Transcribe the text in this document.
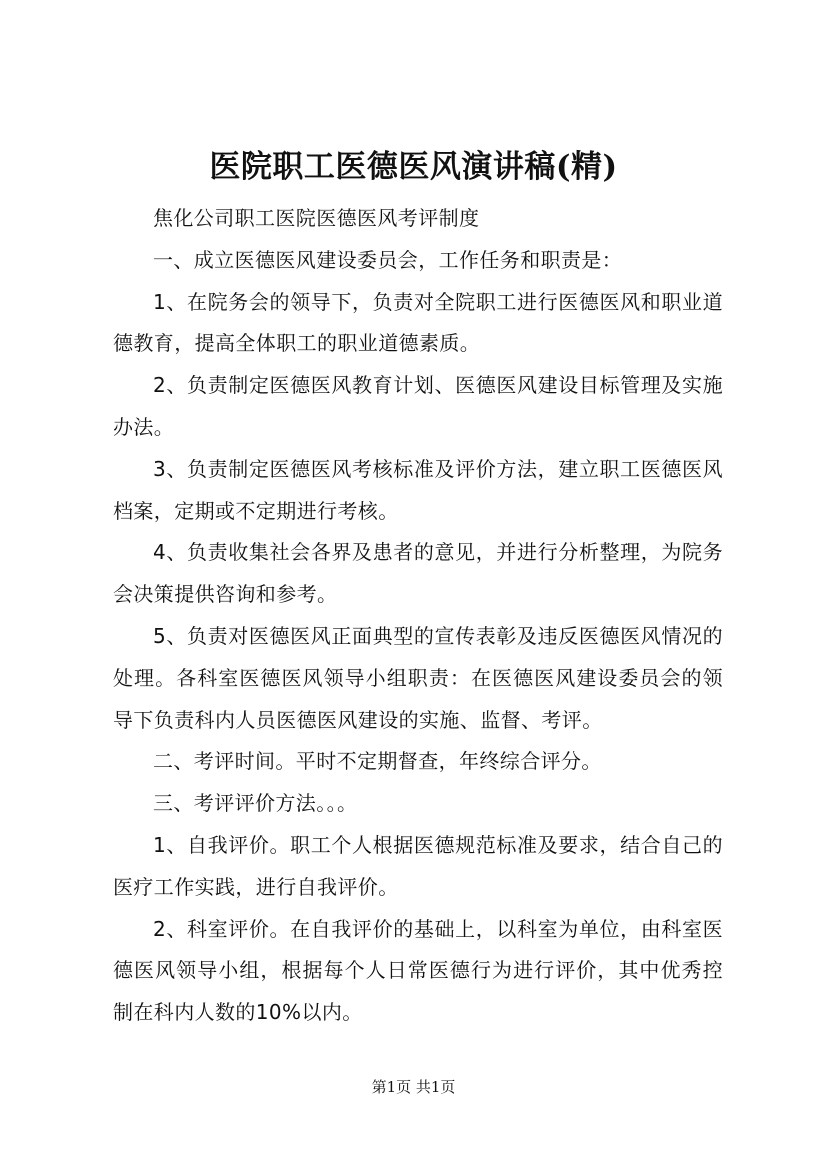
医院职工医德医风演讲稿(精)

焦化公司职工医院医德医风考评制度

一、成立医德医风建设委员会，工作任务和职责是：

1、在院务会的领导下，负责对全院职工进行医德医风和职业道德教育，提高全体职工的职业道德素质。

2、负责制定医德医风教育计划、医德医风建设目标管理及实施办法。

3、负责制定医德医风考核标准及评价方法，建立职工医德医风档案，定期或不定期进行考核。

4、负责收集社会各界及患者的意见，并进行分析整理，为院务会决策提供咨询和参考。

5、负责对医德医风正面典型的宣传表彰及违反医德医风情况的处理。各科室医德医风领导小组职责：在医德医风建设委员会的领导下负责科内人员医德医风建设的实施、监督、考评。

二、考评时间。平时不定期督查，年终综合评分。

三、考评评价方法。。。

1、自我评价。职工个人根据医德规范标准及要求，结合自己的医疗工作实践，进行自我评价。

2、科室评价。在自我评价的基础上，以科室为单位，由科室医德医风领导小组，根据每个人日常医德行为进行评价，其中优秀控制在科内人数的10%以内。

第1页 共1页
